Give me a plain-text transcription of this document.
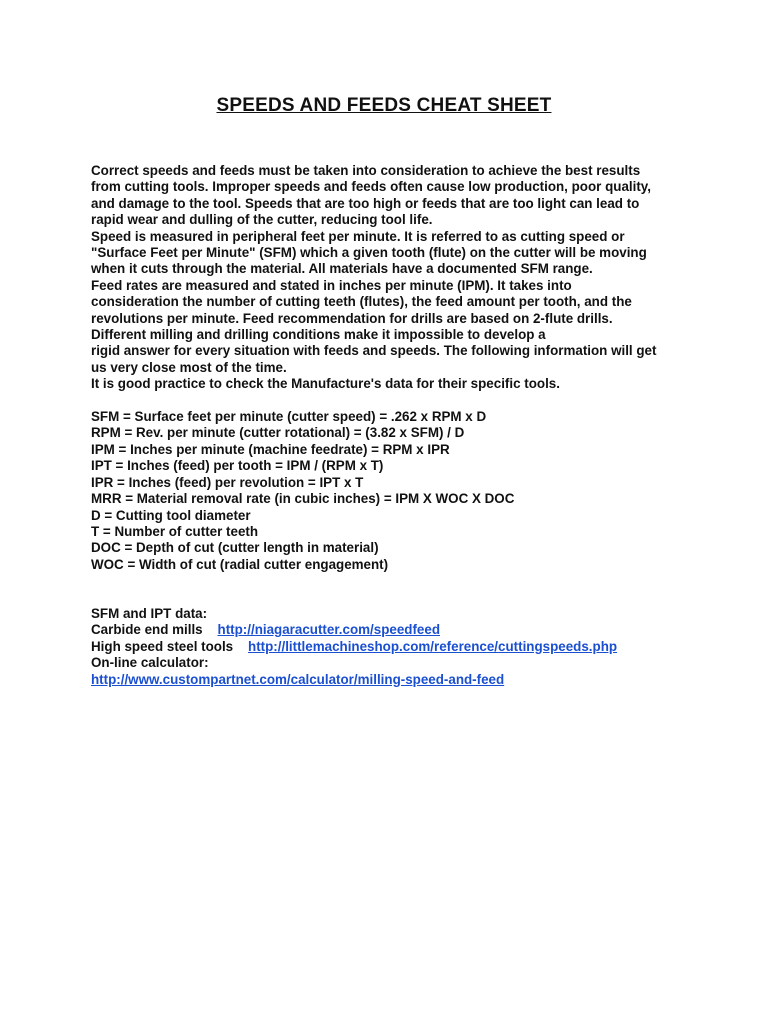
SPEEDS AND FEEDS CHEAT SHEET

Correct speeds and feeds must be taken into consideration to achieve the best results
from cutting tools. Improper speeds and feeds often cause low production, poor quality,
and damage to the tool. Speeds that are too high or feeds that are too light can lead to
rapid wear and dulling of the cutter, reducing tool life.

Speed is measured in peripheral feet per minute. It is referred to as cutting speed or
"Surface Feet per Minute" (SFM) which a given tooth (flute) on the cutter will be moving
when it cuts through the material. All materials have a documented SFM range.

Feed rates are measured and stated in inches per minute (IPM). It takes into
consideration the number of cutting teeth (flutes), the feed amount per tooth, and the
revolutions per minute. Feed recommendation for drills are based on 2-flute drills.

Different milling and drilling conditions make it impossible to develop a
rigid answer for every situation with feeds and speeds. The following information will get
us very close most of the time.

It is good practice to check the Manufacture's data for their specific tools.

SFM = Surface feet per minute (cutter speed) = .262 x RPM x D

RPM = Rev. per minute (cutter rotational) = (3.82 x SFM) / D

IPM = Inches per minute (machine feedrate) = RPM x IPR

IPT = Inches (feed) per tooth = IPM / (RPM x T)

IPR = Inches (feed) per revolution = IPT x T

MRR = Material removal rate (in cubic inches) = IPM X WOC X DOC

D = Cutting tool diameter
T = Number of cutter teeth
DOC = Depth of cut (cutter length in material)
WOC = Width of cut (radial cutter engagement)

SFM and IPT data:
Carbide end mills http://niagaracutter.com/speedfeed
High speed steel tools http://littlemachineshop.com/reference/cuttingspeeds.php

On-line calculator:
http://www.custompartnet.com/calculator/milling-speed-and-feed
